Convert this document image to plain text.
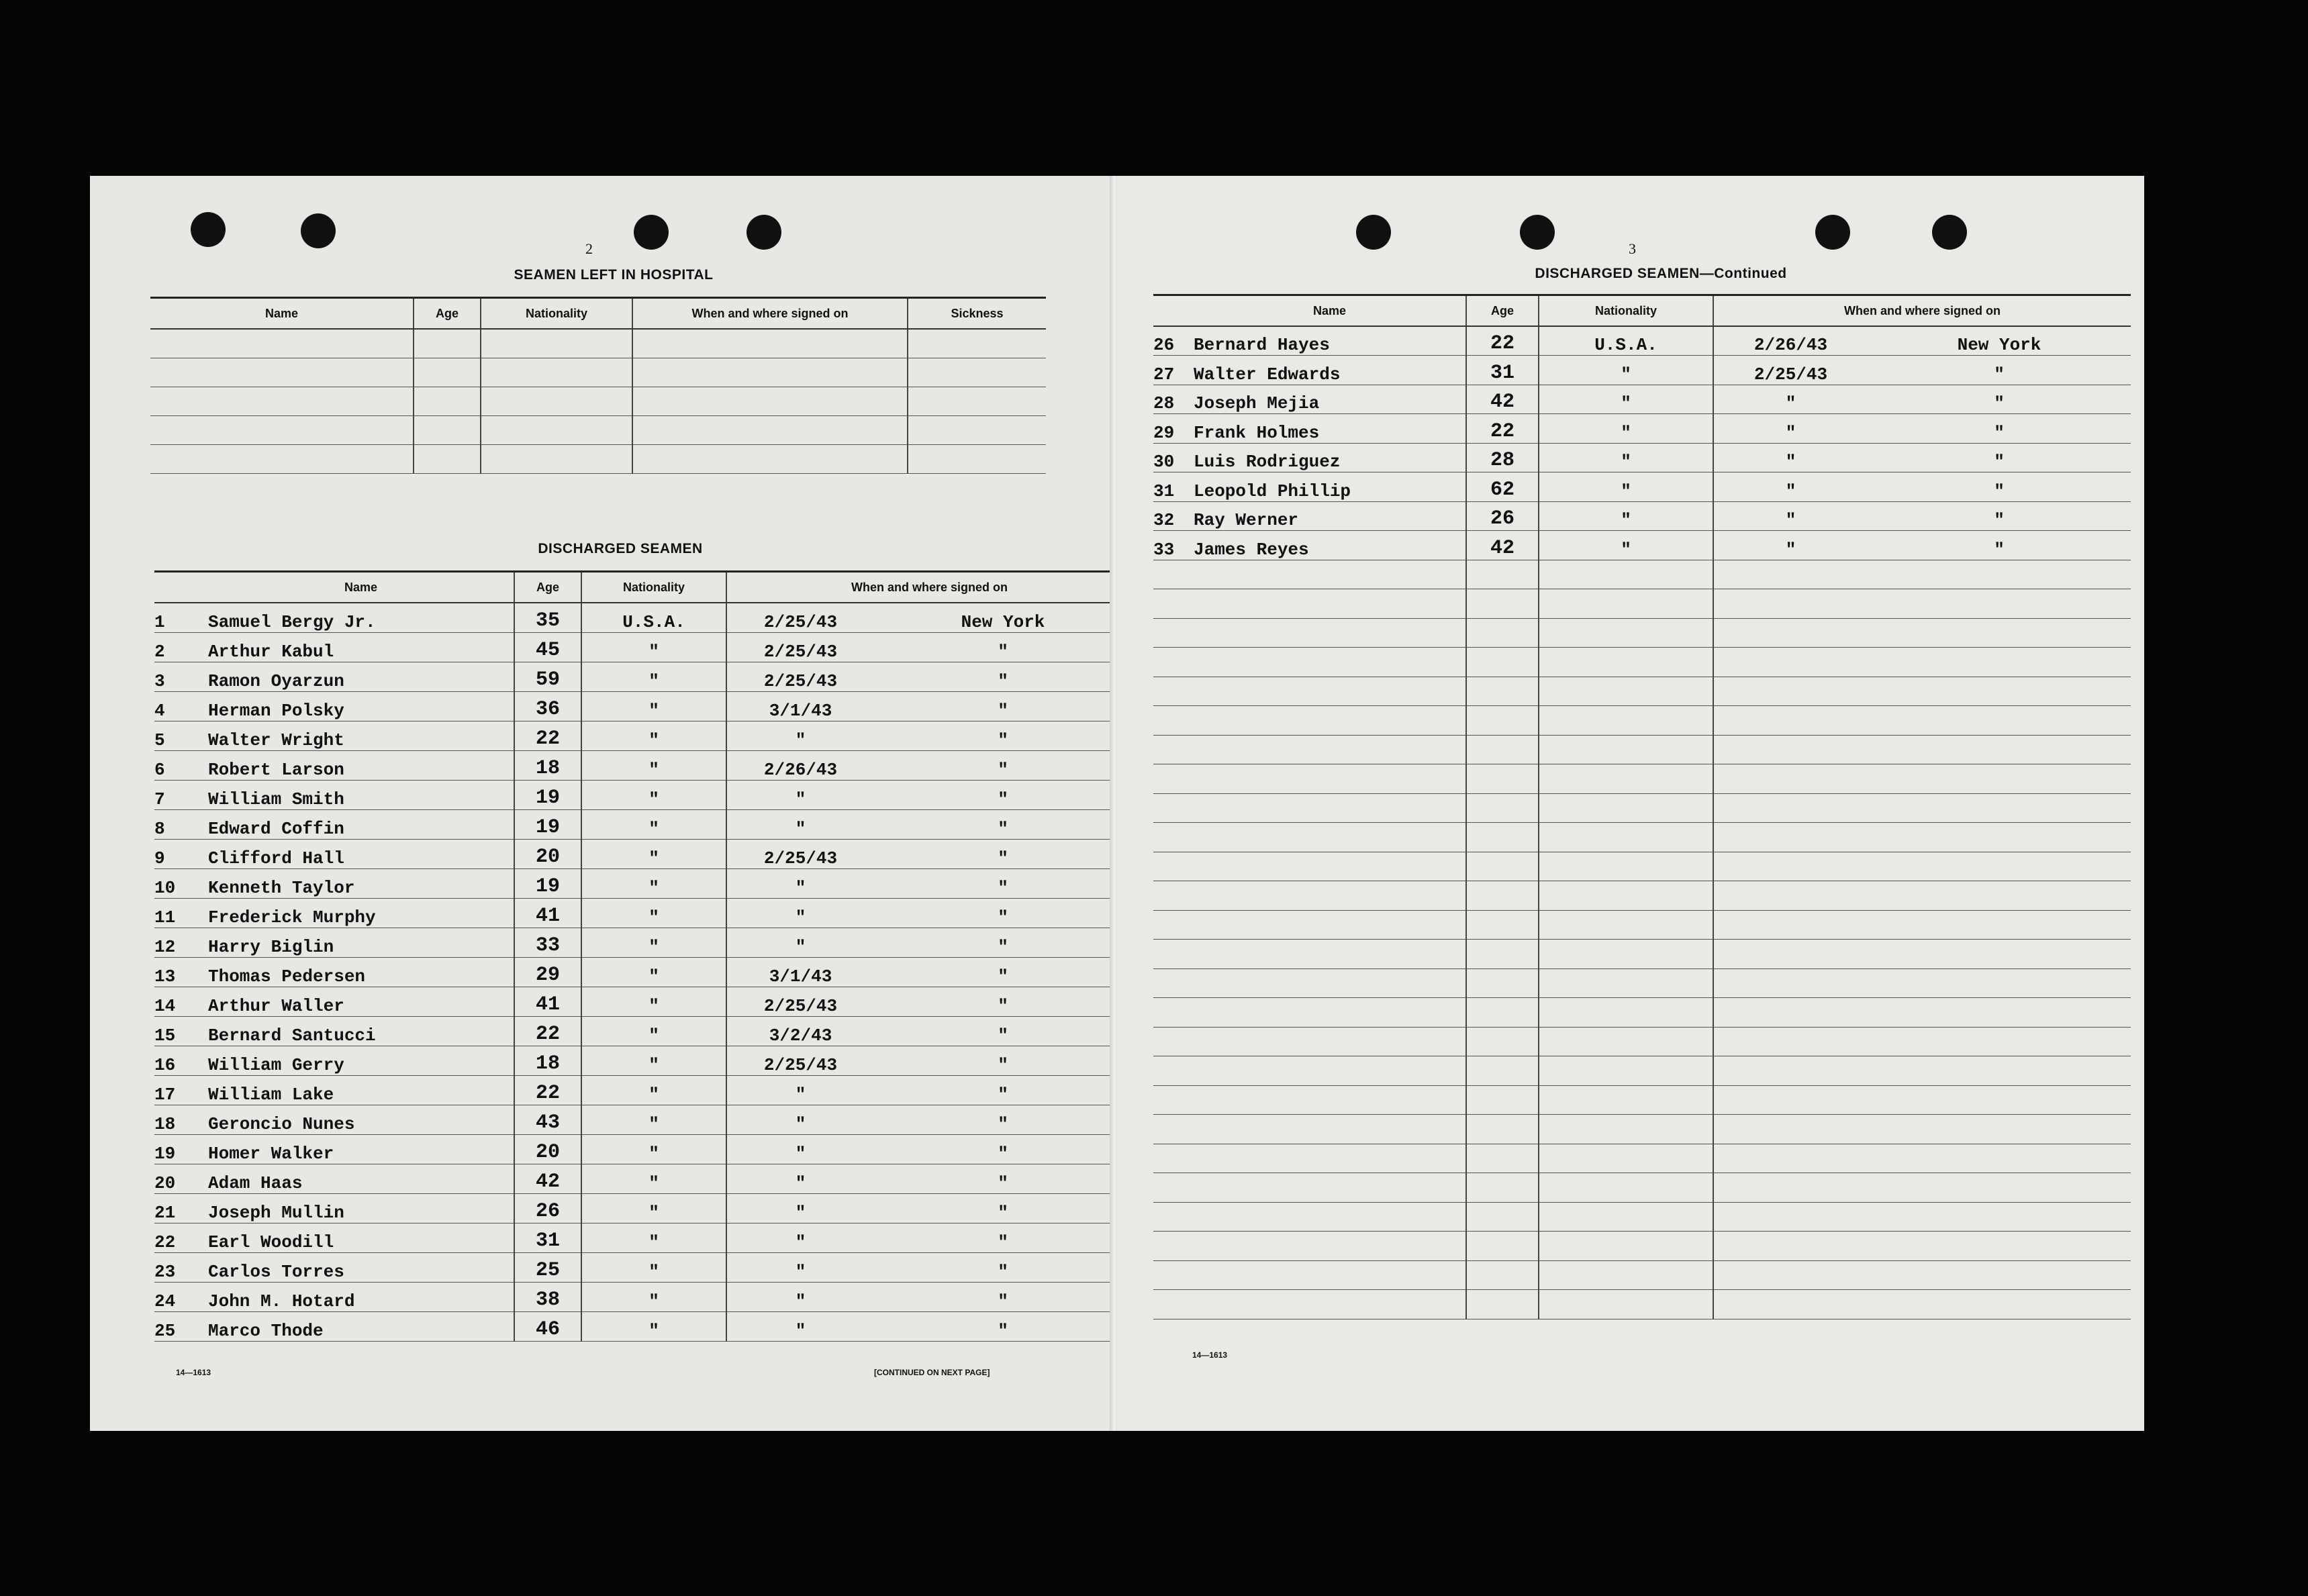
2
SEAMEN LEFT IN HOSPITAL
Name	Age	Nationality	When and where signed on	Sickness

DISCHARGED SEAMEN
	Name	Age	Nationality	When and where signed on	
1	Samuel Bergy Jr.	35	U.S.A.	2/25/43	New York
2	Arthur Kabul	45	"	2/25/43	"
3	Ramon Oyarzun	59	"	2/25/43	"
4	Herman Polsky	36	"	3/1/43	"
5	Walter Wright	22	"	"	"
6	Robert Larson	18	"	2/26/43	"
7	William Smith	19	"	"	"
8	Edward Coffin	19	"	"	"
9	Clifford Hall	20	"	2/25/43	"
10	Kenneth Taylor	19	"	"	"
11	Frederick Murphy	41	"	"	"
12	Harry Biglin	33	"	"	"
13	Thomas Pedersen	29	"	3/1/43	"
14	Arthur Waller	41	"	2/25/43	"
15	Bernard Santucci	22	"	3/2/43	"
16	William Gerry	18	"	2/25/43	"
17	William Lake	22	"	"	"
18	Geroncio Nunes	43	"	"	"
19	Homer Walker	20	"	"	"
20	Adam Haas	42	"	"	"
21	Joseph Mullin	26	"	"	"
22	Earl Woodill	31	"	"	"
23	Carlos Torres	25	"	"	"
24	John M. Hotard	38	"	"	"
25	Marco Thode	46	"	"	"
14—1613	[CONTINUED ON NEXT PAGE]
3
DISCHARGED SEAMEN—Continued
	Name	Age	Nationality	When and where signed on	
26	Bernard Hayes	22	U.S.A.	2/26/43	New York
27	Walter Edwards	31	"	2/25/43	"
28	Joseph Mejia	42	"	"	"
29	Frank Holmes	22	"	"	"
30	Luis Rodriguez	28	"	"	"
31	Leopold Phillip	62	"	"	"
32	Ray Werner	26	"	"	"
33	James Reyes	42	"	"	"

14—1613
